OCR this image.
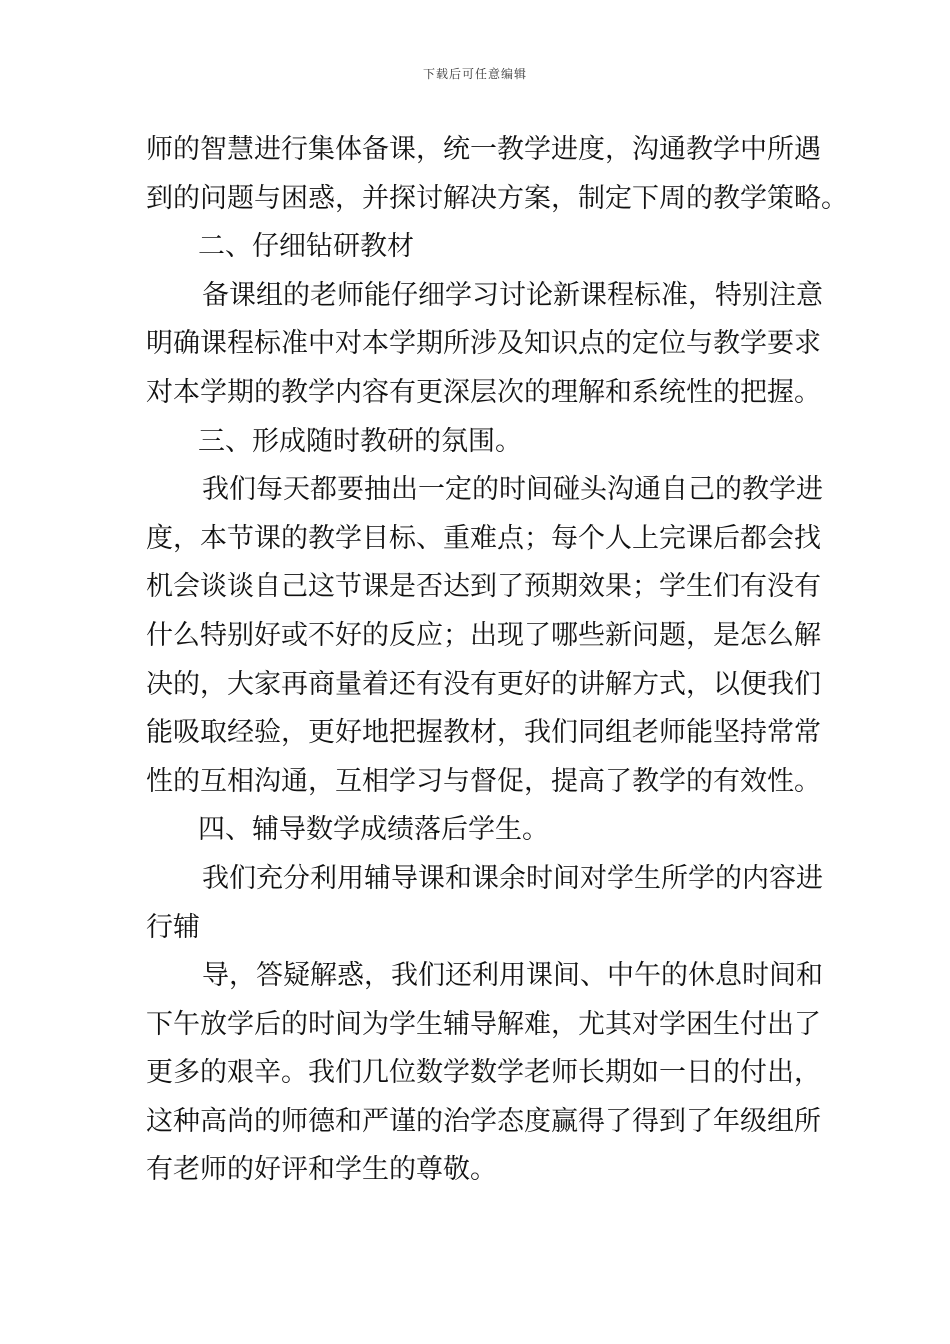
下载后可任意编辑
师的智慧进行集体备课，统一教学进度，沟通教学中所遇
到的问题与困惑，并探讨解决方案，制定下周的教学策略。
二、仔细钻研教材
备课组的老师能仔细学习讨论新课程标准，特别注意
明确课程标准中对本学期所涉及知识点的定位与教学要求
对本学期的教学内容有更深层次的理解和系统性的把握。
三、形成随时教研的氛围。
我们每天都要抽出一定的时间碰头沟通自己的教学进
度，本节课的教学目标、重难点；每个人上完课后都会找
机会谈谈自己这节课是否达到了预期效果；学生们有没有
什么特别好或不好的反应；出现了哪些新问题，是怎么解
决的，大家再商量着还有没有更好的讲解方式，以便我们
能吸取经验，更好地把握教材，我们同组老师能坚持常常
性的互相沟通，互相学习与督促，提高了教学的有效性。
四、辅导数学成绩落后学生。
我们充分利用辅导课和课余时间对学生所学的内容进
行辅
导，答疑解惑，我们还利用课间、中午的休息时间和
下午放学后的时间为学生辅导解难，尤其对学困生付出了
更多的艰辛。我们几位数学数学老师长期如一日的付出，
这种高尚的师德和严谨的治学态度赢得了得到了年级组所
有老师的好评和学生的尊敬。
